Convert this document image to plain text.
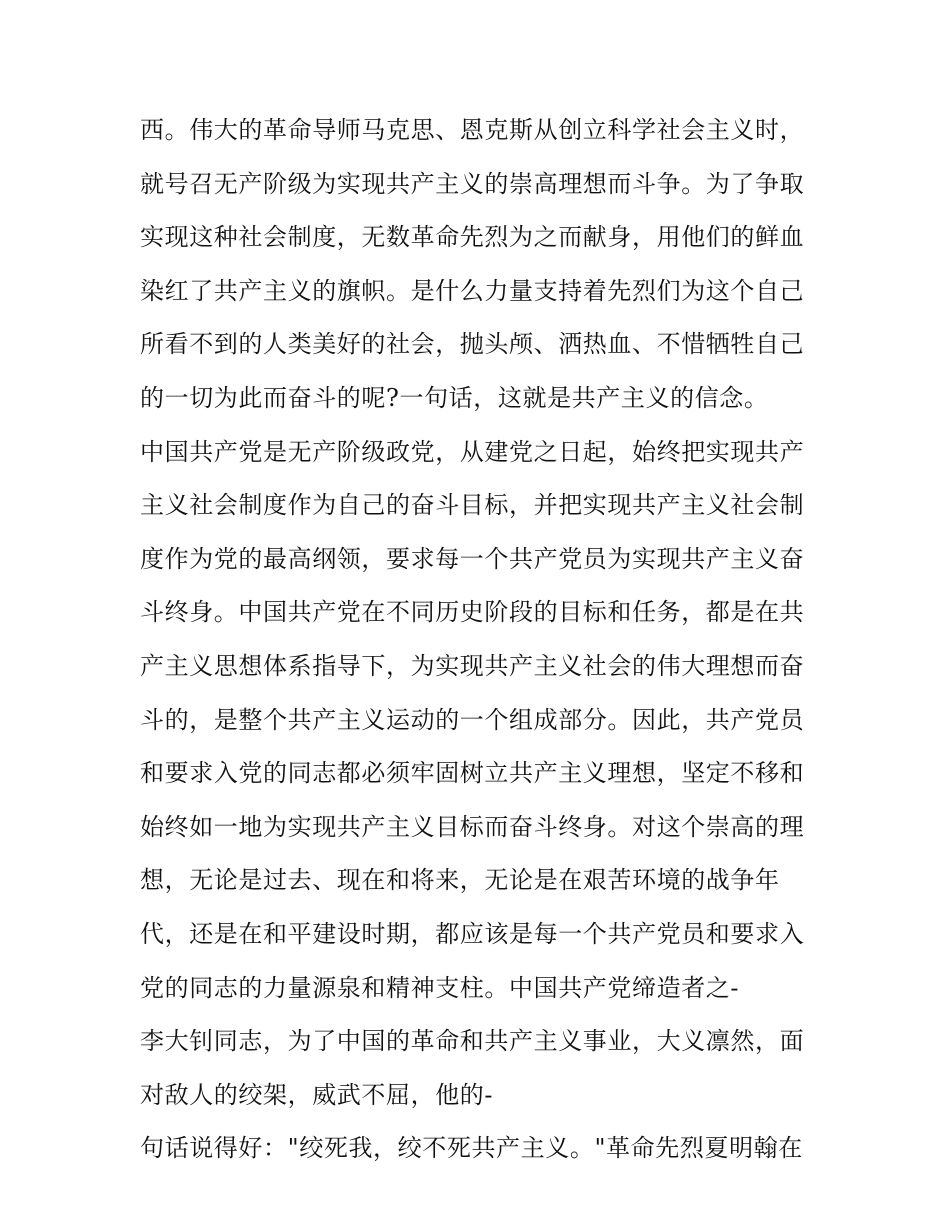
西。伟大的革命导师马克思、恩克斯从创立科学社会主义时，
就号召无产阶级为实现共产主义的崇高理想而斗争。为了争取
实现这种社会制度，无数革命先烈为之而献身，用他们的鲜血
染红了共产主义的旗帜。是什么力量支持着先烈们为这个自己
所看不到的人类美好的社会，抛头颅、洒热血、不惜牺牲自己
的一切为此而奋斗的呢?一句话，这就是共产主义的信念。
中国共产党是无产阶级政党，从建党之日起，始终把实现共产
主义社会制度作为自己的奋斗目标，并把实现共产主义社会制
度作为党的最高纲领，要求每一个共产党员为实现共产主义奋
斗终身。中国共产党在不同历史阶段的目标和任务，都是在共
产主义思想体系指导下，为实现共产主义社会的伟大理想而奋
斗的，是整个共产主义运动的一个组成部分。因此，共产党员
和要求入党的同志都必须牢固树立共产主义理想，坚定不移和
始终如一地为实现共产主义目标而奋斗终身。对这个崇高的理
想，无论是过去、现在和将来，无论是在艰苦环境的战争年
代，还是在和平建设时期，都应该是每一个共产党员和要求入
党的同志的力量源泉和精神支柱。中国共产党缔造者之-
李大钊同志，为了中国的革命和共产主义事业，大义凛然，面
对敌人的绞架，威武不屈，他的-
句话说得好："绞死我，绞不死共产主义。"革命先烈夏明翰在
